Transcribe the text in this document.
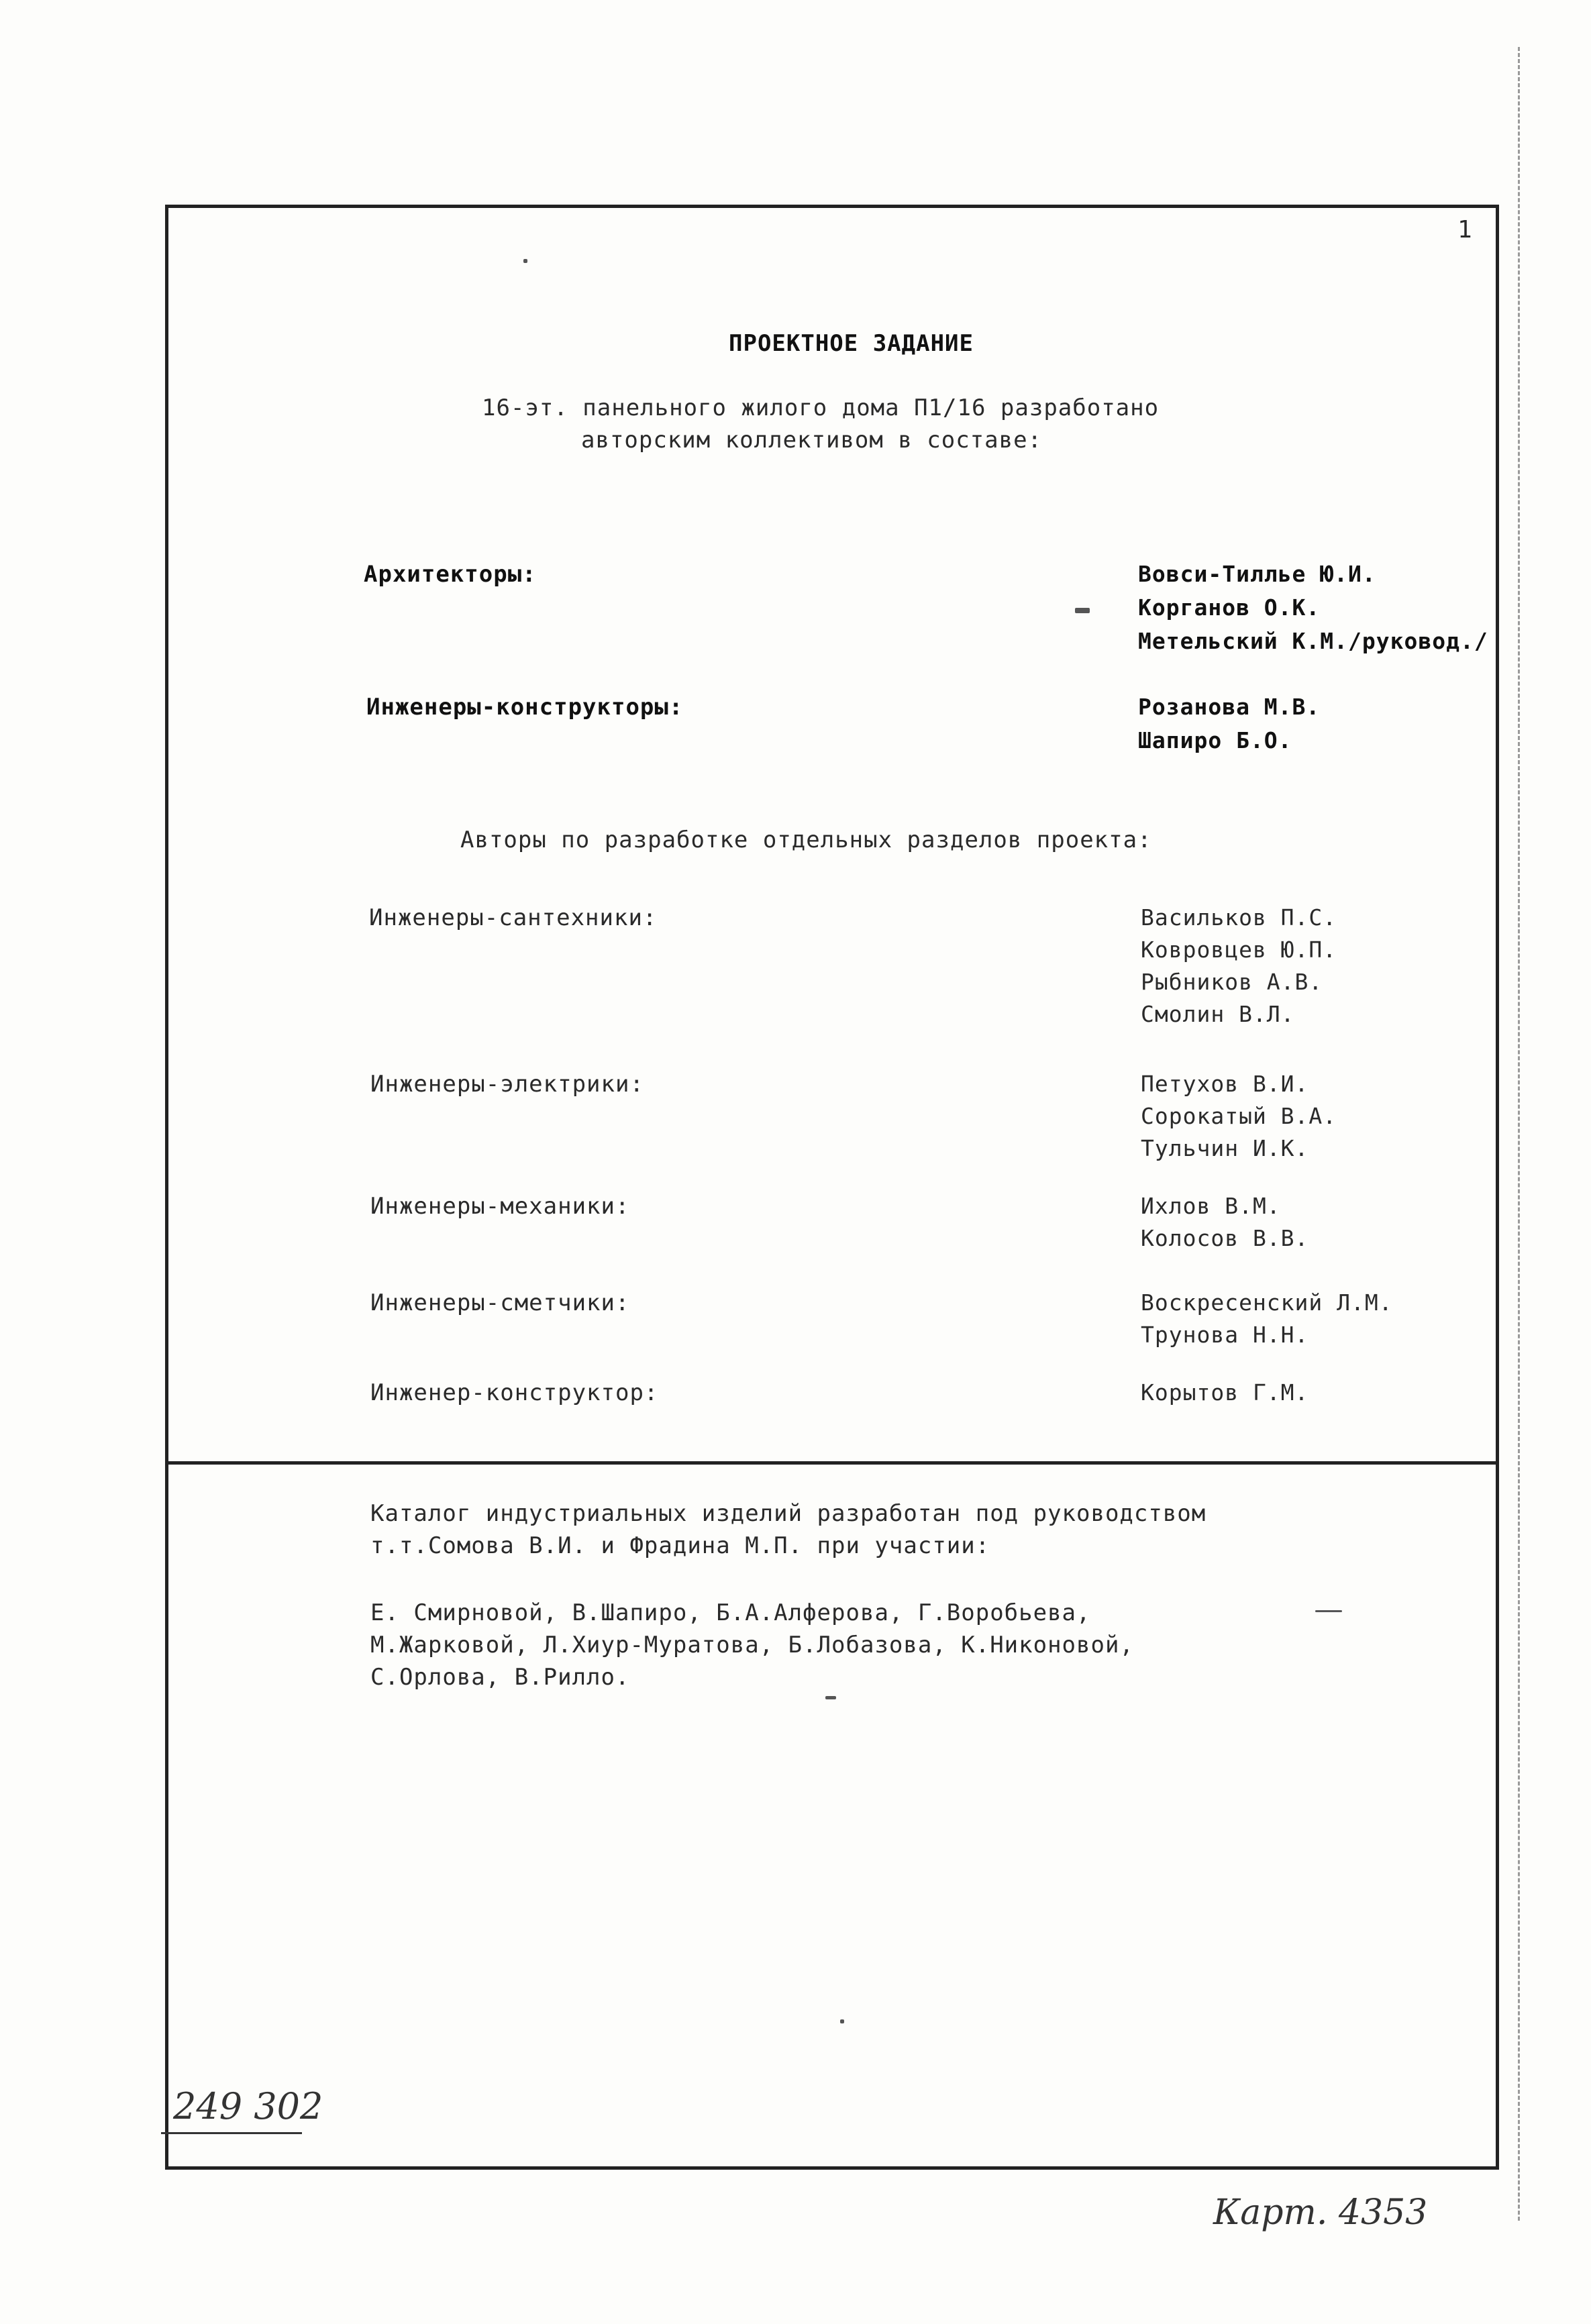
1
ПРОЕКТНОЕ ЗАДАНИЕ
16-эт. панельного жилого дома П1/16 разработано
авторским коллективом в составе:
Архитекторы:	Вовси-Тилльe Ю.И.
Корганов О.К.
Метельский К.М./руковод./
Инженеры-конструкторы:	Розанова М.В.
Шапиро Б.О.
Авторы по разработке отдельных разделов проекта:
Инженеры-сантехники:	Васильков П.С.
Ковровцев Ю.П.
Рыбников А.В.
Смолин В.Л.
Инженеры-электрики:	Петухов В.И.
Сорокатый В.А.
Тульчин И.К.
Инженеры-механики:	Ихлов В.М.
Колосов В.В.
Инженеры-сметчики:	Воскресенский Л.М.
Трунова Н.Н.
Инженер-конструктор:	Корытов Г.М.
Каталог индустриальных изделий разработан под руководством
т.т.Сомова В.И. и Фрадина М.П. при участии:
Е. Смирновой, В.Шапиро, Б.А.Алферова, Г.Воробьева,
М.Жарковой, Л.Хиур-Муратова, Б.Лобазова, К.Никоновой,
С.Орлова, В.Рилло.
249 302
Карт. 4353
